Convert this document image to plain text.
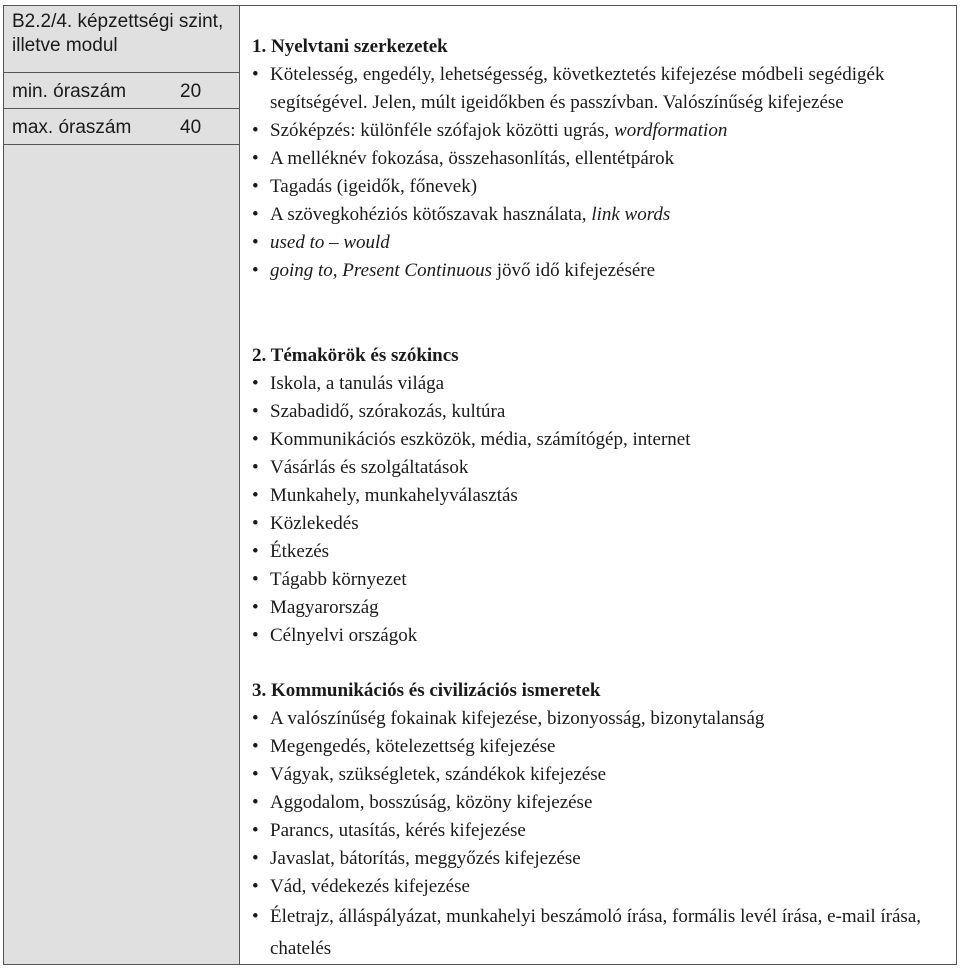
B2.2/4. képzettségi szint, illetve modul
min. óraszám	20
max. óraszám	40
1. Nyelvtani szerkezetek
• Kötelesség, engedély, lehetségesség, következtetés kifejezése módbeli segédigék segítségével. Jelen, múlt igeidőkben és passzívban. Valószínűség kifejezése
• Szóképzés: különféle szófajok közötti ugrás, wordformation
• A melléknév fokozása, összehasonlítás, ellentétpárok
• Tagadás (igeidők, főnevek)
• A szövegkohéziós kötőszavak használata, link words
• used to – would
• going to, Present Continuous jövő idő kifejezésére
2. Témakörök és szókincs
• Iskola, a tanulás világa
• Szabadidő, szórakozás, kultúra
• Kommunikációs eszközök, média, számítógép, internet
• Vásárlás és szolgáltatások
• Munkahely, munkahelyválasztás
• Közlekedés
• Étkezés
• Tágabb környezet
• Magyarország
• Célnyelvi országok
3. Kommunikációs és civilizációs ismeretek
• A valószínűség fokainak kifejezése, bizonyosság, bizonytalanság
• Megengedés, kötelezettség kifejezése
• Vágyak, szükségletek, szándékok kifejezése
• Aggodalom, bosszúság, közöny kifejezése
• Parancs, utasítás, kérés kifejezése
• Javaslat, bátorítás, meggyőzés kifejezése
• Vád, védekezés kifejezése
• Életrajz, álláspályázat, munkahelyi beszámoló írása, formális levél írása, e-mail írása, chatelés
